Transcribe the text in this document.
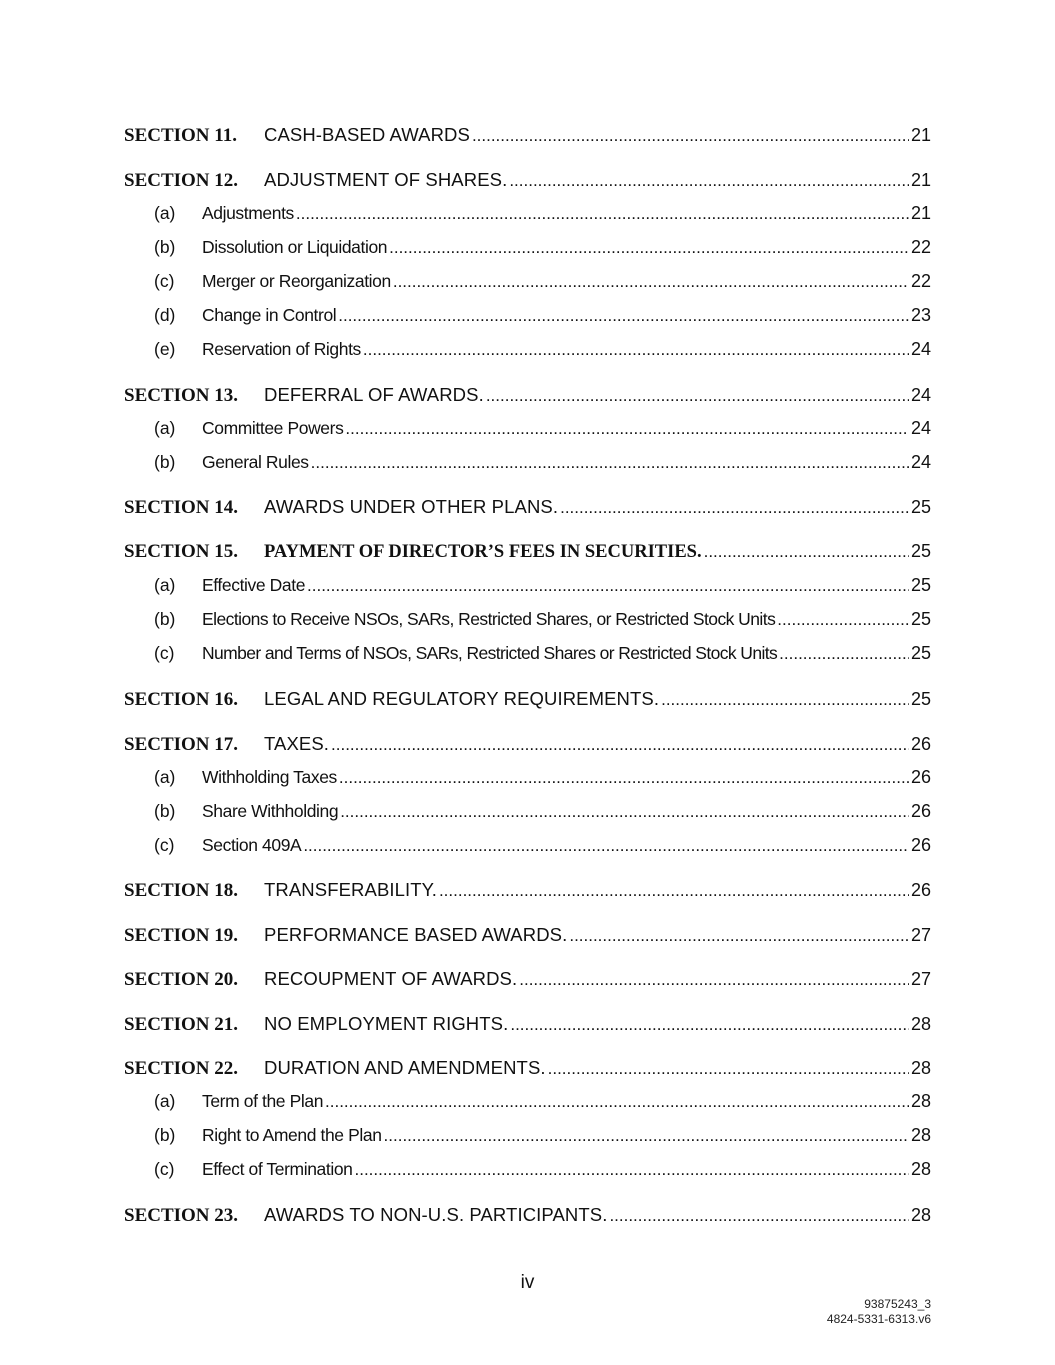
SECTION 11.	CASH-BASED AWARDS .....	21
SECTION 12.	ADJUSTMENT OF SHARES. .....	21
(a)	Adjustments .....	21
(b)	Dissolution or Liquidation .....	22
(c)	Merger or Reorganization .....	22
(d)	Change in Control .....	23
(e)	Reservation of Rights .....	24
SECTION 13.	DEFERRAL OF AWARDS. .....	24
(a)	Committee Powers .....	24
(b)	General Rules .....	24
SECTION 14.	AWARDS UNDER OTHER PLANS. .....	25
SECTION 15.	PAYMENT OF DIRECTOR’S FEES IN SECURITIES. .....	25
(a)	Effective Date .....	25
(b)	Elections to Receive NSOs, SARs, Restricted Shares, or Restricted Stock Units .....	25
(c)	Number and Terms of NSOs, SARs, Restricted Shares or Restricted Stock Units .....	25
SECTION 16.	LEGAL AND REGULATORY REQUIREMENTS. .....	25
SECTION 17.	TAXES. .....	26
(a)	Withholding Taxes .....	26
(b)	Share Withholding .....	26
(c)	Section 409A .....	26
SECTION 18.	TRANSFERABILITY. .....	26
SECTION 19.	PERFORMANCE BASED AWARDS. .....	27
SECTION 20.	RECOUPMENT OF AWARDS. .....	27
SECTION 21.	NO EMPLOYMENT RIGHTS. .....	28
SECTION 22.	DURATION AND AMENDMENTS. .....	28
(a)	Term of the Plan .....	28
(b)	Right to Amend the Plan .....	28
(c)	Effect of Termination .....	28
SECTION 23.	AWARDS TO NON-U.S. PARTICIPANTS. .....	28
iv
93875243_3
4824-5331-6313.v6
